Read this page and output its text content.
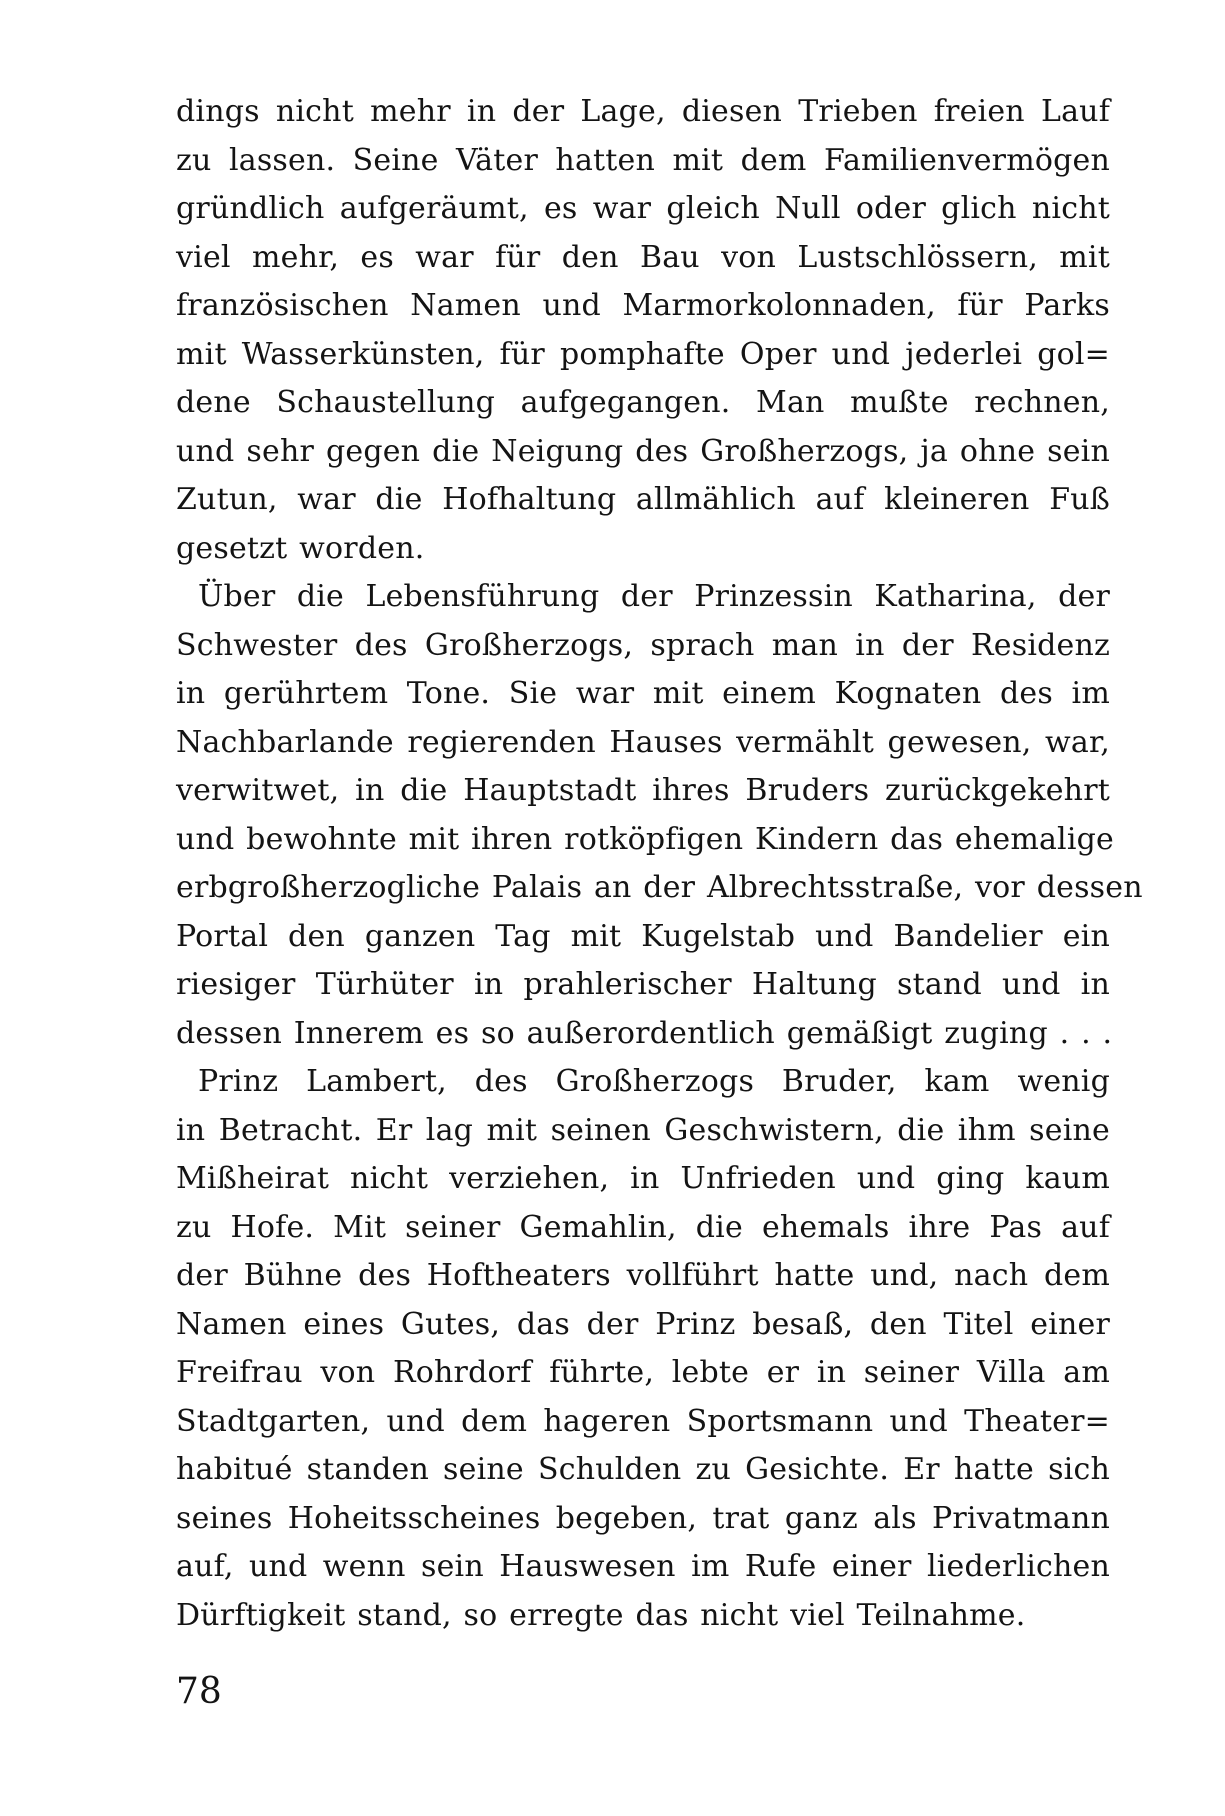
dings nicht mehr in der Lage, diesen Trieben freien Lauf
zu lassen. Seine Väter hatten mit dem Familienvermögen
gründlich aufgeräumt, es war gleich Null oder glich nicht
viel mehr, es war für den Bau von Lustschlössern, mit
französischen Namen und Marmorkolonnaden, für Parks
mit Wasserkünsten, für pomphafte Oper und jederlei gol=
dene Schaustellung aufgegangen. Man mußte rechnen,
und sehr gegen die Neigung des Großherzogs, ja ohne sein
Zutun, war die Hofhaltung allmählich auf kleineren Fuß
gesetzt worden.
Über die Lebensführung der Prinzessin Katharina, der
Schwester des Großherzogs, sprach man in der Residenz
in gerührtem Tone. Sie war mit einem Kognaten des im
Nachbarlande regierenden Hauses vermählt gewesen, war,
verwitwet, in die Hauptstadt ihres Bruders zurückgekehrt
und bewohnte mit ihren rotköpfigen Kindern das ehemalige
erbgroßherzogliche Palais an der Albrechtsstraße, vor dessen
Portal den ganzen Tag mit Kugelstab und Bandelier ein
riesiger Türhüter in prahlerischer Haltung stand und in
dessen Innerem es so außerordentlich gemäßigt zuging . . .
Prinz Lambert, des Großherzogs Bruder, kam wenig
in Betracht. Er lag mit seinen Geschwistern, die ihm seine
Mißheirat nicht verziehen, in Unfrieden und ging kaum
zu Hofe. Mit seiner Gemahlin, die ehemals ihre Pas auf
der Bühne des Hoftheaters vollführt hatte und, nach dem
Namen eines Gutes, das der Prinz besaß, den Titel einer
Freifrau von Rohrdorf führte, lebte er in seiner Villa am
Stadtgarten, und dem hageren Sportsmann und Theater=
habitué standen seine Schulden zu Gesichte. Er hatte sich
seines Hoheitsscheines begeben, trat ganz als Privatmann
auf, und wenn sein Hauswesen im Rufe einer liederlichen
Dürftigkeit stand, so erregte das nicht viel Teilnahme.
78
